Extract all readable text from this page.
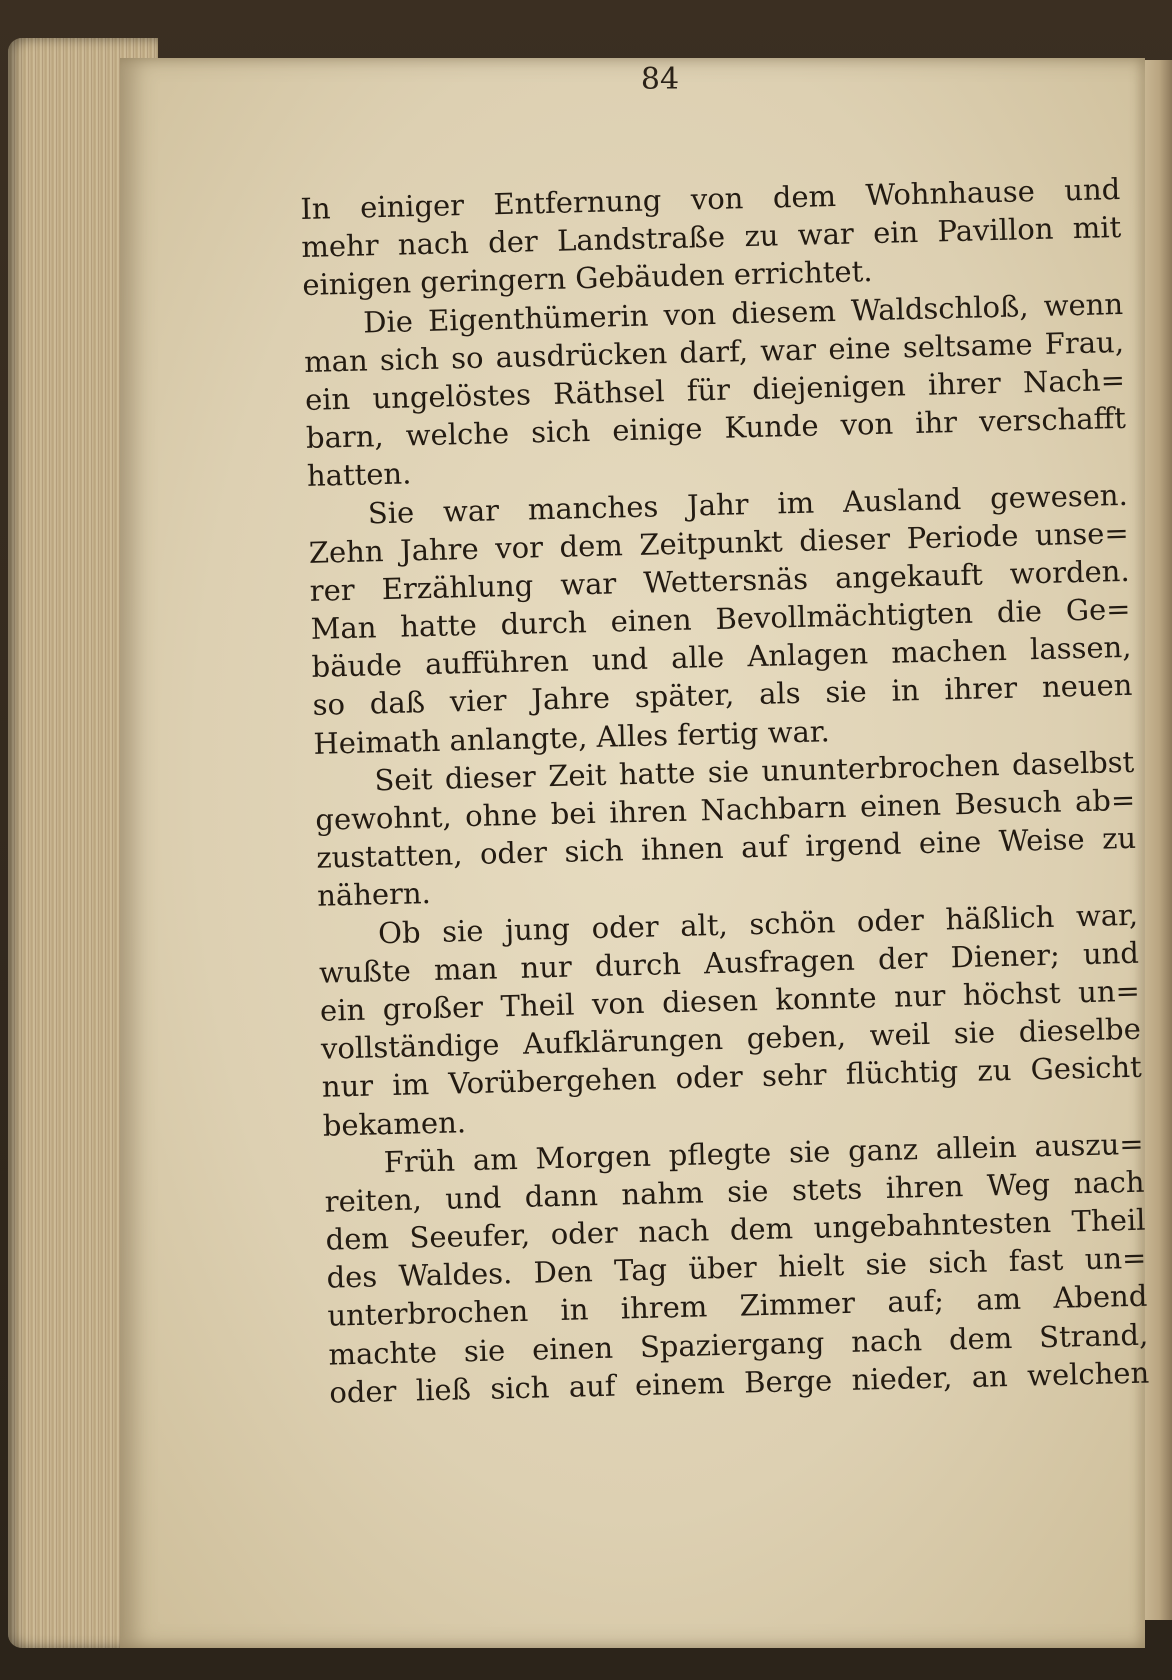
84
In einiger Entfernung von dem Wohnhause und
mehr nach der Landstraße zu war ein Pavillon mit
einigen geringern Gebäuden errichtet.
Die Eigenthümerin von diesem Waldschloß, wenn
man sich so ausdrücken darf, war eine seltsame Frau,
ein ungelöstes Räthsel für diejenigen ihrer Nach=
barn, welche sich einige Kunde von ihr verschafft
hatten.
Sie war manches Jahr im Ausland gewesen.
Zehn Jahre vor dem Zeitpunkt dieser Periode unse=
rer Erzählung war Wettersnäs angekauft worden.
Man hatte durch einen Bevollmächtigten die Ge=
bäude aufführen und alle Anlagen machen lassen,
so daß vier Jahre später, als sie in ihrer neuen
Heimath anlangte, Alles fertig war.
Seit dieser Zeit hatte sie ununterbrochen daselbst
gewohnt, ohne bei ihren Nachbarn einen Besuch ab=
zustatten, oder sich ihnen auf irgend eine Weise zu
nähern.
Ob sie jung oder alt, schön oder häßlich war,
wußte man nur durch Ausfragen der Diener; und
ein großer Theil von diesen konnte nur höchst un=
vollständige Aufklärungen geben, weil sie dieselbe
nur im Vorübergehen oder sehr flüchtig zu Gesicht
bekamen.
Früh am Morgen pflegte sie ganz allein auszu=
reiten, und dann nahm sie stets ihren Weg nach
dem Seeufer, oder nach dem ungebahntesten Theil
des Waldes. Den Tag über hielt sie sich fast un=
unterbrochen in ihrem Zimmer auf; am Abend
machte sie einen Spaziergang nach dem Strand,
oder ließ sich auf einem Berge nieder, an welchen
